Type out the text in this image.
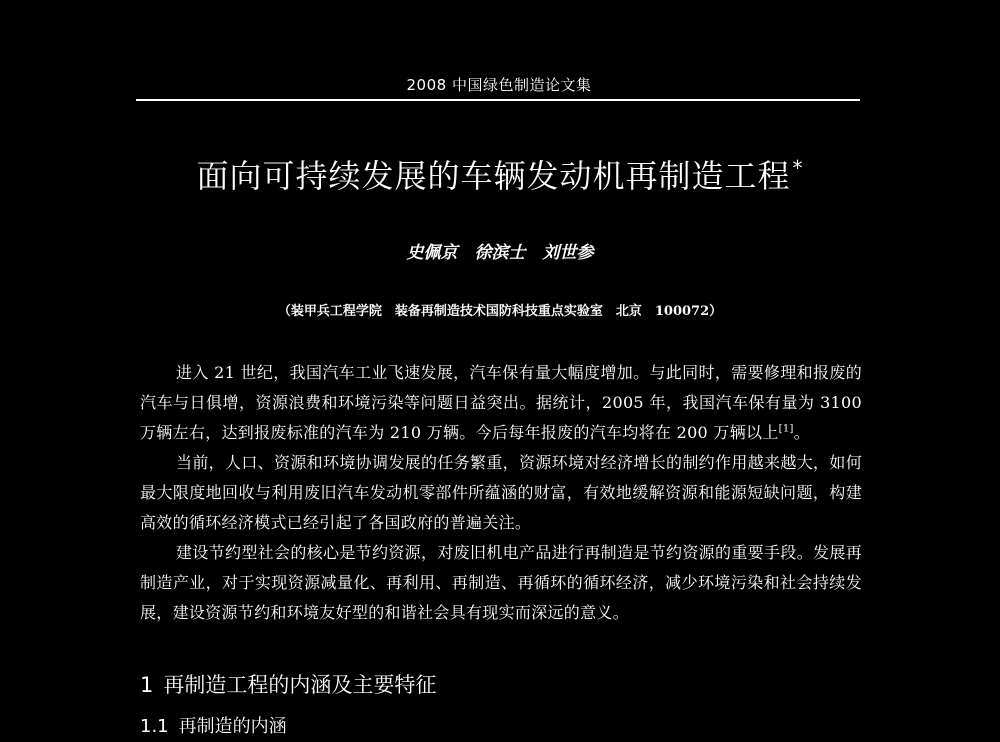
2008 中国绿色制造论文集
面向可持续发展的车辆发动机再制造工程 *
史佩京　徐滨士　刘世参
（装甲兵工程学院　装备再制造技术国防科技重点实验室　北京　100072）

进入 21 世纪，我国汽车工业飞速发展，汽车保有量大幅度增加。与此同时，需要修理和报废的汽车与日俱增，资源浪费和环境污染等问题日益突出。据统计，2005 年，我国汽车保有量为 3100 万辆左右，达到报废标准的汽车为 210 万辆。今后每年报废的汽车均将在 200 万辆以上[1]。

当前，人口、资源和环境协调发展的任务繁重，资源环境对经济增长的制约作用越来越大，如何最大限度地回收与利用废旧汽车发动机零部件所蕴涵的财富，有效地缓解资源和能源短缺问题，构建高效的循环经济模式已经引起了各国政府的普遍关注。

建设节约型社会的核心是节约资源，对废旧机电产品进行再制造是节约资源的重要手段。发展再制造产业，对于实现资源减量化、再利用、再制造、再循环的循环经济，减少环境污染和社会持续发展，建设资源节约和环境友好型的和谐社会具有现实而深远的意义。

1 再制造工程的内涵及主要特征
1.1 再制造的内涵
